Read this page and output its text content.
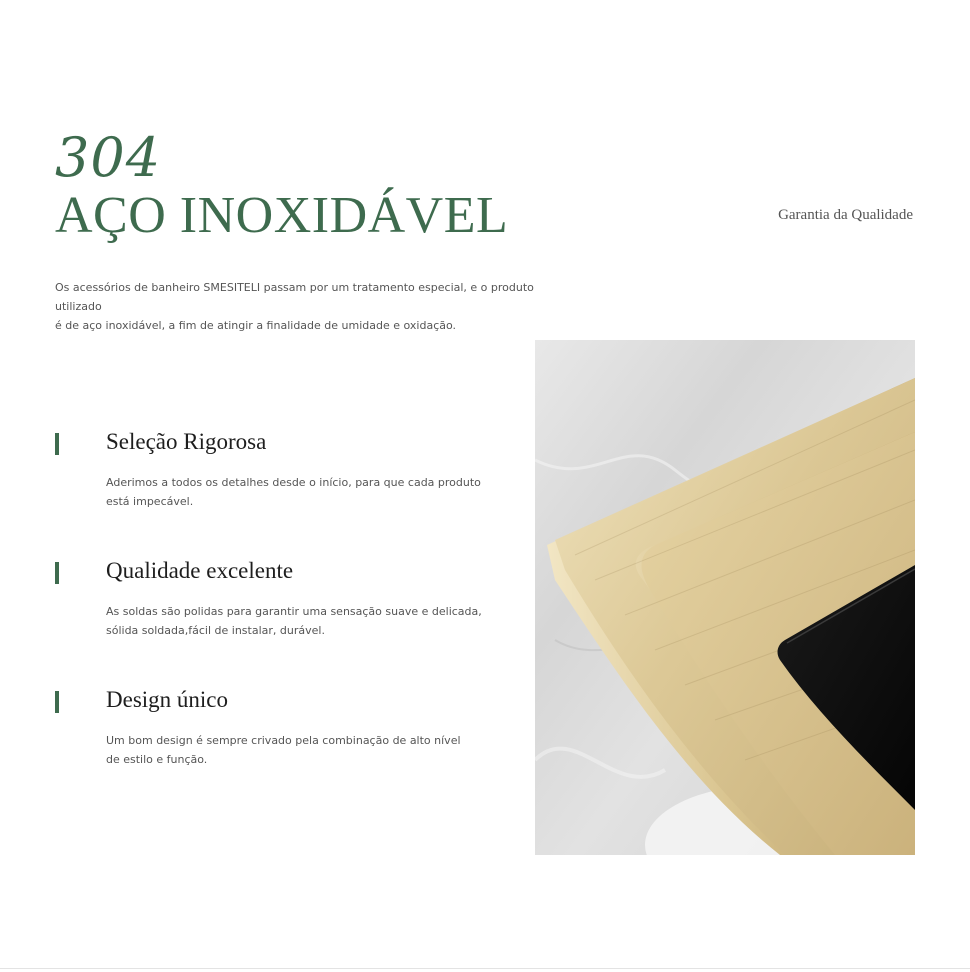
304
AÇO INOXIDÁVEL	Garantia da Qualidade
Os acessórios de banheiro SMESITELI passam por um tratamento especial, e o produto utilizado
é de aço inoxidável, a fim de atingir a finalidade de umidade e oxidação.
Seleção Rigorosa
Aderimos a todos os detalhes desde o início, para que cada produto
está impecável.
Qualidade excelente
As soldas são polidas para garantir uma sensação suave e delicada,
sólida soldada,fácil de instalar, durável.
Design único
Um bom design é sempre crivado pela combinação de alto nível
de estilo e função.
